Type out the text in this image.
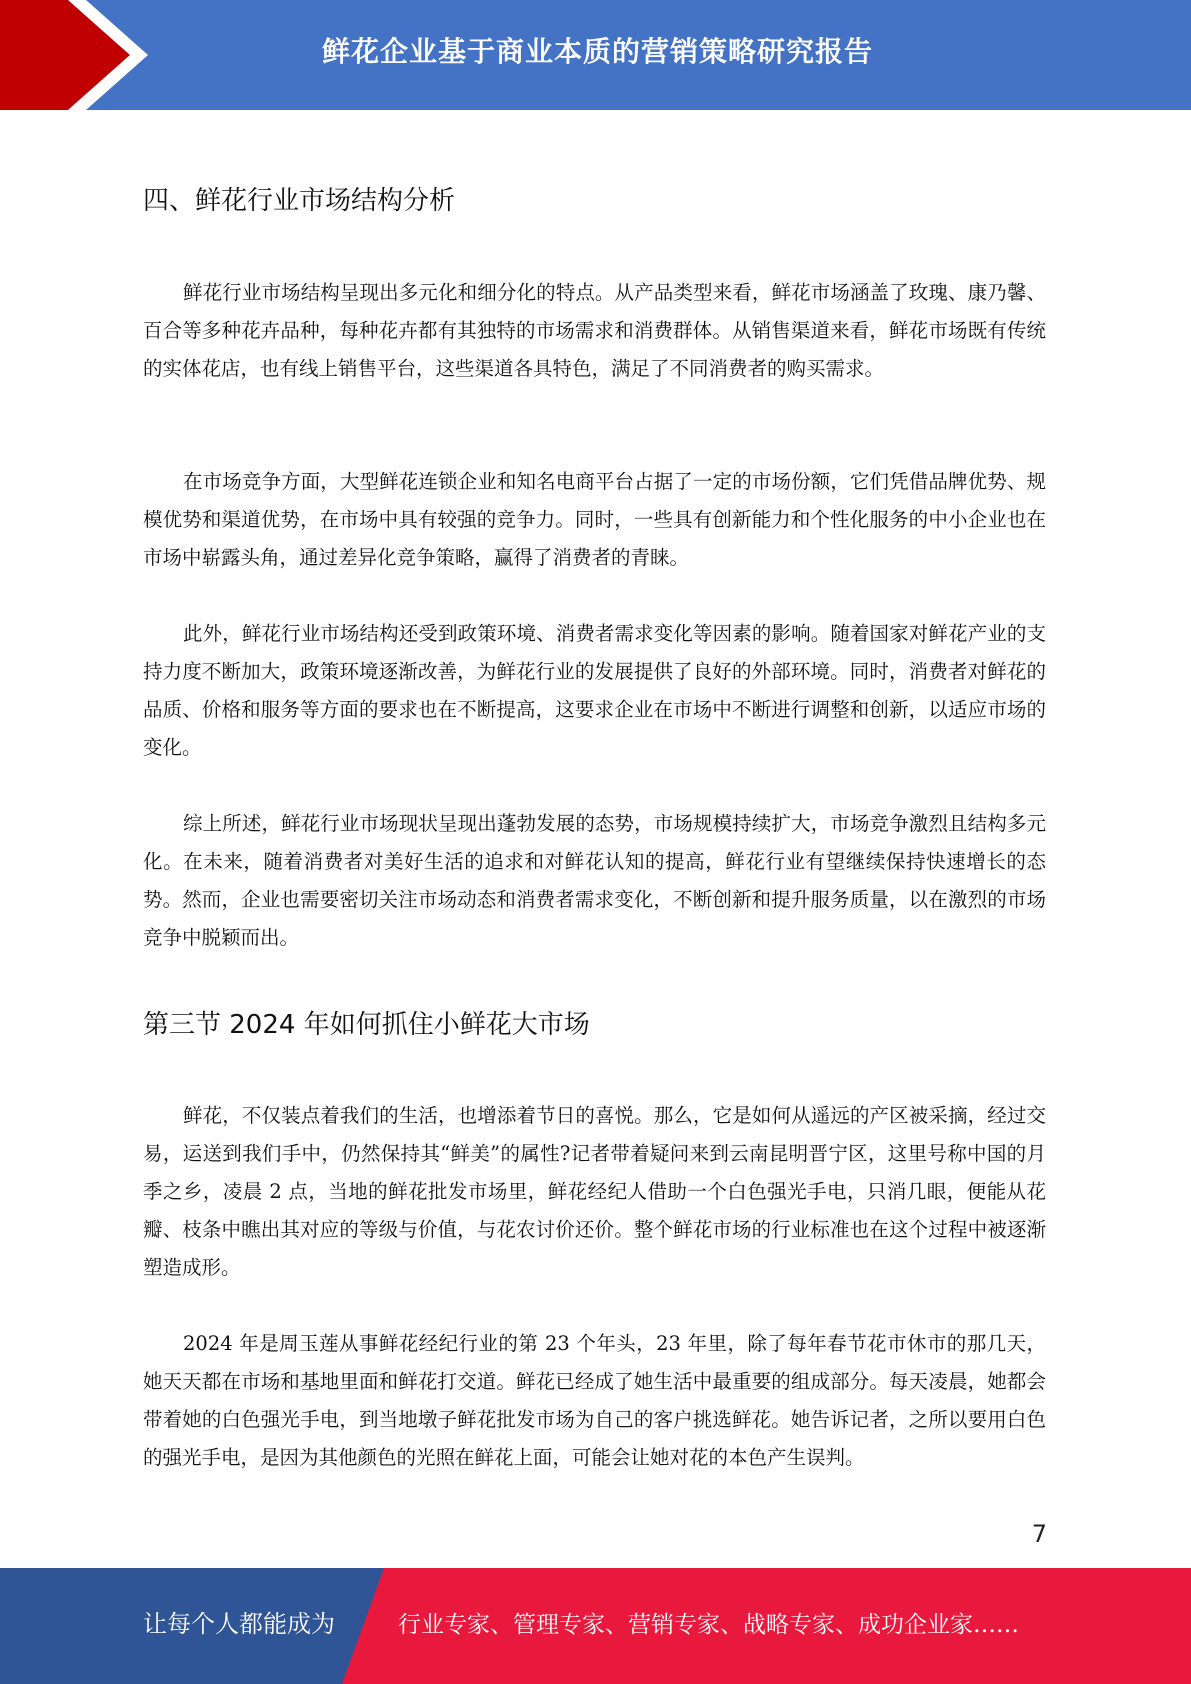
鲜花企业基于商业本质的营销策略研究报告
四、鲜花行业市场结构分析

鲜花行业市场结构呈现出多元化和细分化的特点。从产品类型来看，鲜花市场涵盖了玫瑰、康乃馨、百合等多种花卉品种，每种花卉都有其独特的市场需求和消费群体。从销售渠道来看，鲜花市场既有传统的实体花店，也有线上销售平台，这些渠道各具特色，满足了不同消费者的购买需求。

在市场竞争方面，大型鲜花连锁企业和知名电商平台占据了一定的市场份额，它们凭借品牌优势、规模优势和渠道优势，在市场中具有较强的竞争力。同时，一些具有创新能力和个性化服务的中小企业也在市场中崭露头角，通过差异化竞争策略，赢得了消费者的青睐。

此外，鲜花行业市场结构还受到政策环境、消费者需求变化等因素的影响。随着国家对鲜花产业的支持力度不断加大，政策环境逐渐改善，为鲜花行业的发展提供了良好的外部环境。同时，消费者对鲜花的品质、价格和服务等方面的要求也在不断提高，这要求企业在市场中不断进行调整和创新，以适应市场的变化。

综上所述，鲜花行业市场现状呈现出蓬勃发展的态势，市场规模持续扩大，市场竞争激烈且结构多元化。在未来，随着消费者对美好生活的追求和对鲜花认知的提高，鲜花行业有望继续保持快速增长的态势。然而，企业也需要密切关注市场动态和消费者需求变化，不断创新和提升服务质量，以在激烈的市场竞争中脱颖而出。

第三节 2024 年如何抓住小鲜花大市场

鲜花，不仅装点着我们的生活，也增添着节日的喜悦。那么，它是如何从遥远的产区被采摘，经过交易，运送到我们手中，仍然保持其“鲜美”的属性?记者带着疑问来到云南昆明晋宁区，这里号称中国的月季之乡，凌晨 2 点，当地的鲜花批发市场里，鲜花经纪人借助一个白色强光手电，只消几眼，便能从花瓣、枝条中瞧出其对应的等级与价值，与花农讨价还价。整个鲜花市场的行业标准也在这个过程中被逐渐塑造成形。

2024 年是周玉莲从事鲜花经纪行业的第 23 个年头，23 年里，除了每年春节花市休市的那几天，她天天都在市场和基地里面和鲜花打交道。鲜花已经成了她生活中最重要的组成部分。每天凌晨，她都会带着她的白色强光手电，到当地墩子鲜花批发市场为自己的客户挑选鲜花。她告诉记者，之所以要用白色的强光手电，是因为其他颜色的光照在鲜花上面，可能会让她对花的本色产生误判。

7
让每个人都能成为	行业专家、管理专家、营销专家、战略专家、成功企业家……
